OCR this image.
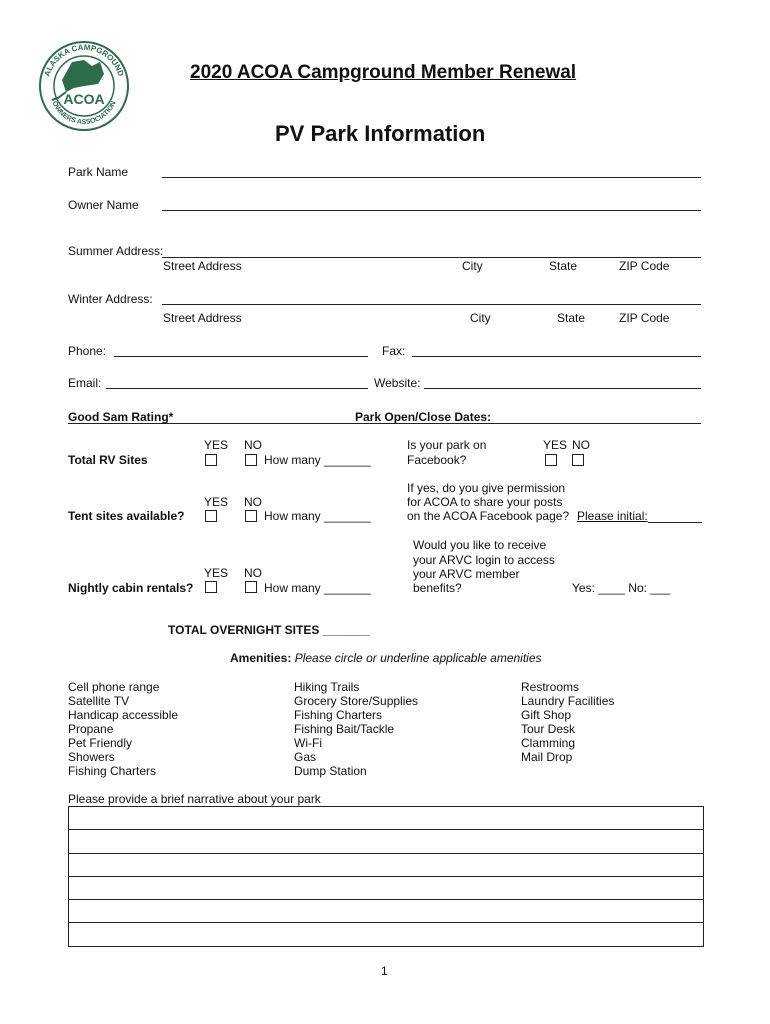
ACOA
ALASKA CAMPGROUND
OWNERS ASSOCIATION
2020 ACOA Campground Member Renewal
PV Park Information
Park Name
Owner Name
Summer Address:
Street Address	City	State	ZIP Code
Winter Address:
Street Address	City	State	ZIP Code
Phone:	Fax:
Email:	Website:
Good Sam Rating*	Park Open/Close Dates:
YES NO
Total RV Sites	How many _______
Is your park on
Facebook?
YES NO
If yes, do you give permission
for ACOA to share your posts
on the ACOA Facebook page? Please initial:
YES NO
Tent sites available?	How many _______
Would you like to receive
your ARVC login to access
your ARVC member
benefits?	Yes: ____ No: ___
YES NO
Nightly cabin rentals?	How many _______
TOTAL OVERNIGHT SITES _______
Amenities: Please circle or underline applicable amenities
Cell phone range
Satellite TV
Handicap accessible
Propane
Pet Friendly
Showers
Fishing Charters
Hiking Trails
Grocery Store/Supplies
Fishing Charters
Fishing Bait/Tackle
Wi-Fi
Gas
Dump Station
Restrooms
Laundry Facilities
Gift Shop
Tour Desk
Clamming
Mail Drop
Please provide a brief narrative about your park
1
